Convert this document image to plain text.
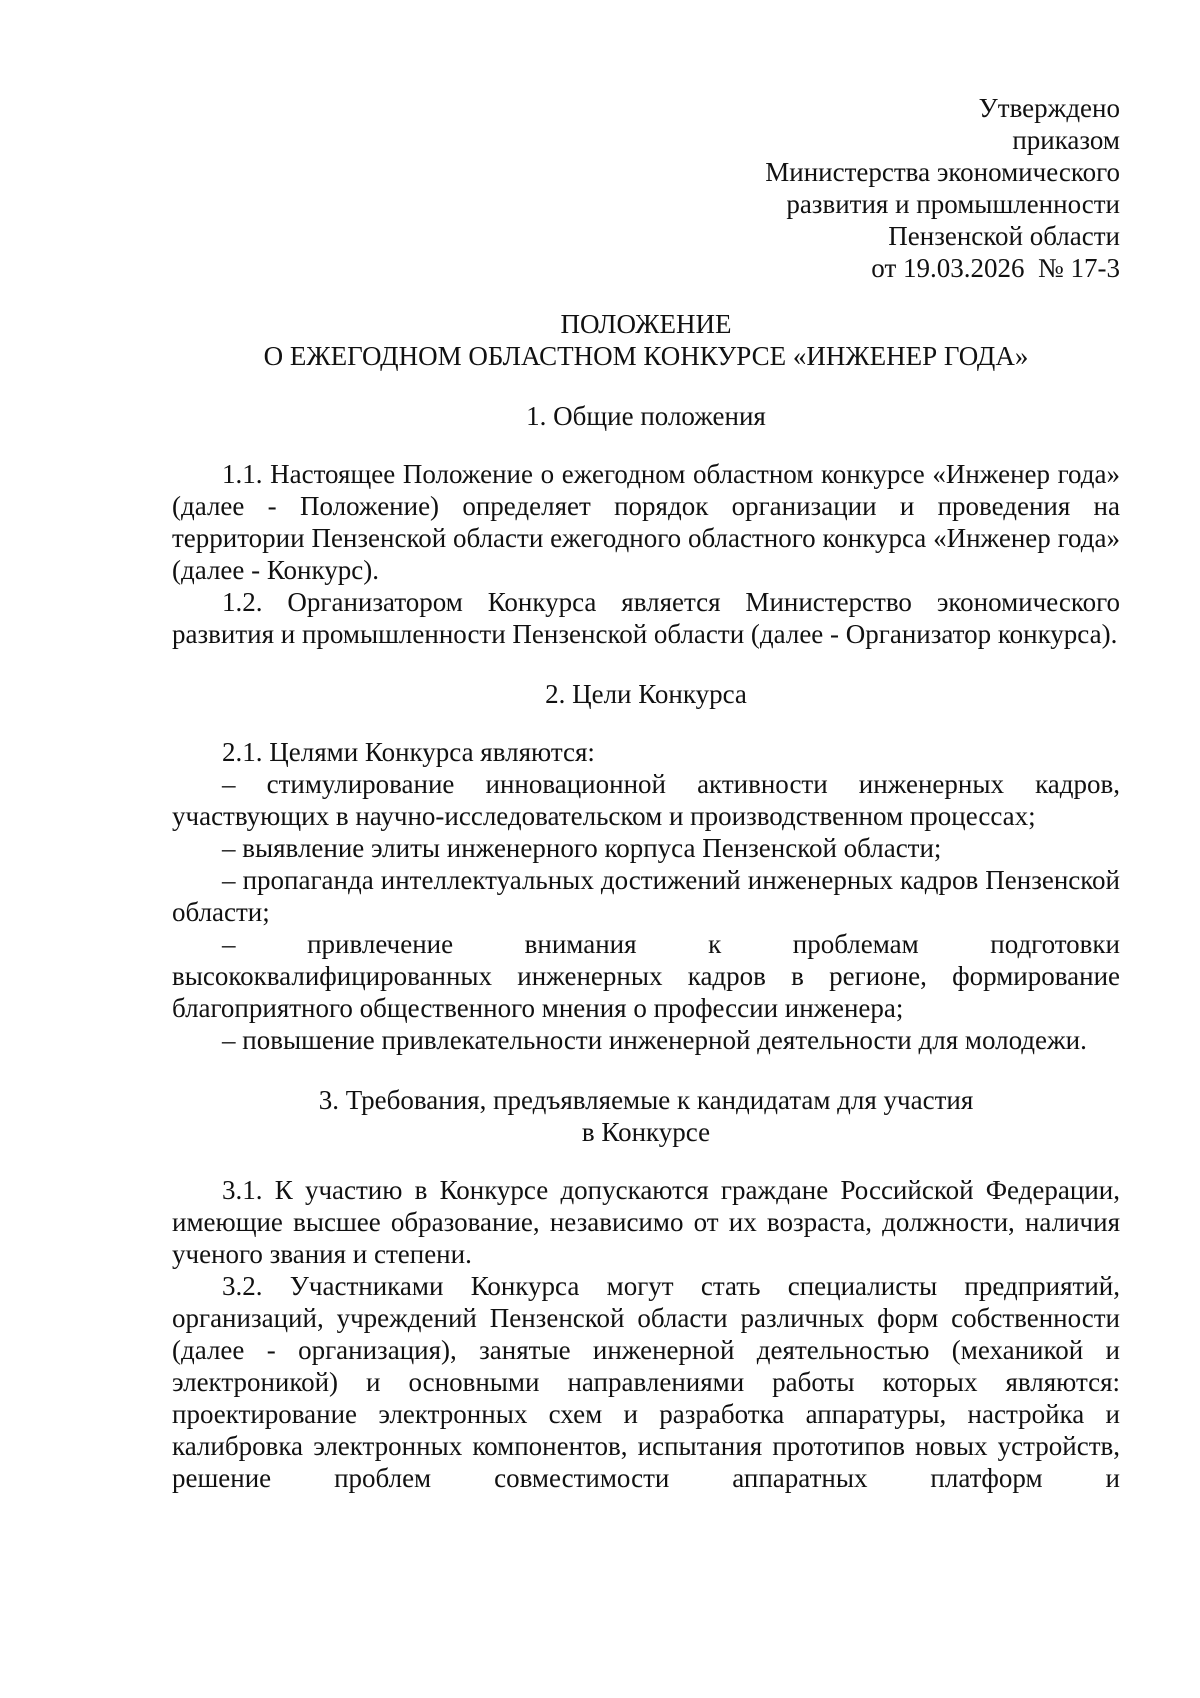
Утверждено
приказом
Министерства экономического
развития и промышленности
Пензенской области
от 19.03.2026  № 17-3
ПОЛОЖЕНИЕ
О ЕЖЕГОДНОМ ОБЛАСТНОМ КОНКУРСЕ «ИНЖЕНЕР ГОДА»
1. Общие положения

1.1. Настоящее Положение о ежегодном областном конкурсе «Инженер года» (далее - Положение) определяет порядок организации и проведения на территории Пензенской области ежегодного областного конкурса «Инженер года» (далее - Конкурс).

1.2. Организатором Конкурса является Министерство экономического развития и промышленности Пензенской области (далее - Организатор конкурса).

2. Цели Конкурса

2.1. Целями Конкурса являются:

– стимулирование инновационной активности инженерных кадров, участвующих в научно-исследовательском и производственном процессах;

– выявление элиты инженерного корпуса Пензенской области;

– пропаганда интеллектуальных достижений инженерных кадров Пензенской области;

– привлечение внимания к проблемам подготовки высококвалифицированных инженерных кадров в регионе, формирование благоприятного общественного мнения о профессии инженера;

– повышение привлекательности инженерной деятельности для молодежи.

3. Требования, предъявляемые к кандидатам для участия
в Конкурсе

3.1. К участию в Конкурсе допускаются граждане Российской Федерации, имеющие высшее образование, независимо от их возраста, должности, наличия ученого звания и степени.

3.2. Участниками Конкурса могут стать специалисты предприятий, организаций, учреждений Пензенской области различных форм собственности (далее - организация), занятые инженерной деятельностью (механикой и электроникой) и основными направлениями работы которых являются: проектирование электронных схем и разработка аппаратуры, настройка и калибровка электронных компонентов, испытания прототипов новых устройств, решение проблем совместимости аппаратных платформ и
